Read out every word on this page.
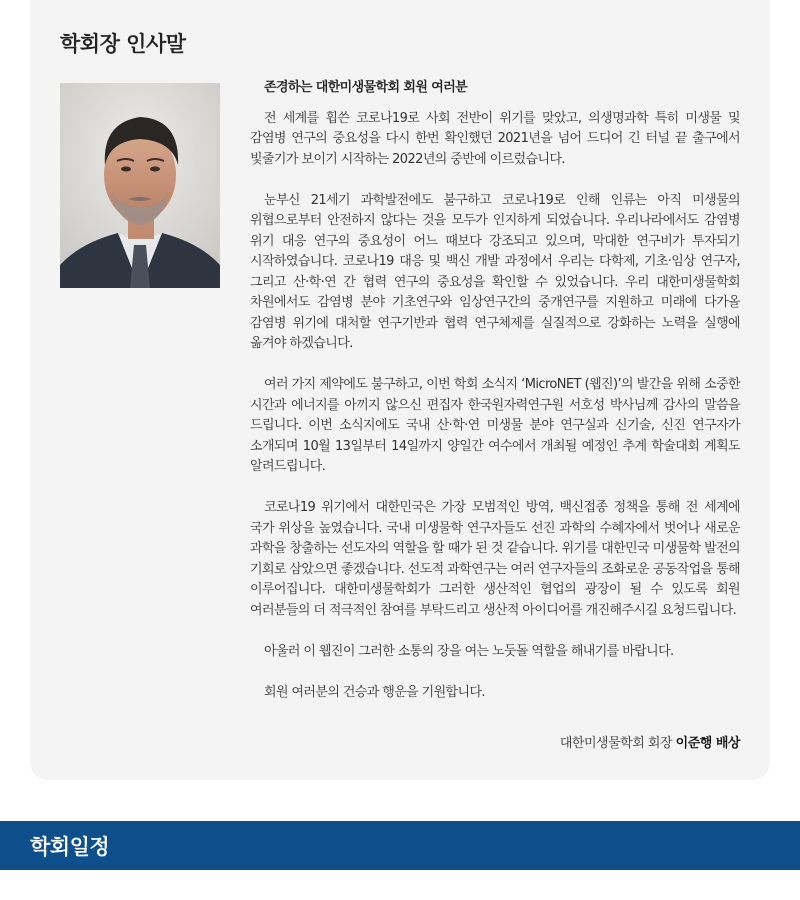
학회장 인사말

존경하는 대한미생물학회 회원 여러분

전 세계를 휩쓴 코로나19로 사회 전반이 위기를 맞았고, 의생명과학 특히 미생물 및 감염병 연구의 중요성을 다시 한번 확인했던 2021년을 넘어 드디어 긴 터널 끝 출구에서 빛줄기가 보이기 시작하는 2022년의 중반에 이르렀습니다.

눈부신 21세기 과학발전에도 불구하고 코로나19로 인해 인류는 아직 미생물의 위협으로부터 안전하지 않다는 것을 모두가 인지하게 되었습니다. 우리나라에서도 감염병 위기 대응 연구의 중요성이 어느 때보다 강조되고 있으며, 막대한 연구비가 투자되기 시작하였습니다. 코로나19 대응 및 백신 개발 과정에서 우리는 다학제, 기초·임상 연구자, 그리고 산·학·연 간 협력 연구의 중요성을 확인할 수 있었습니다. 우리 대한미생물학회 차원에서도 감염병 분야 기초연구와 임상연구간의 중개연구를 지원하고 미래에 다가올 감염병 위기에 대처할 연구기반과 협력 연구체제를 실질적으로 강화하는 노력을 실행에 옮겨야 하겠습니다.

여러 가지 제약에도 불구하고, 이번 학회 소식지 ‘MicroNET (웹진)’의 발간을 위해 소중한 시간과 에너지를 아끼지 않으신 편집자 한국원자력연구원 서호성 박사님께 감사의 말씀을 드립니다. 이번 소식지에도 국내 산·학·연 미생물 분야 연구실과 신기술, 신진 연구자가 소개되며 10월 13일부터 14일까지 양일간 여수에서 개최될 예정인 추계 학술대회 계획도 알려드립니다.

코로나19 위기에서 대한민국은 가장 모범적인 방역, 백신접종 정책을 통해 전 세계에 국가 위상을 높였습니다. 국내 미생물학 연구자들도 선진 과학의 수혜자에서 벗어나 새로운 과학을 창출하는 선도자의 역할을 할 때가 된 것 같습니다. 위기를 대한민국 미생물학 발전의 기회로 삼았으면 좋겠습니다. 선도적 과학연구는 여러 연구자들의 조화로운 공동작업을 통해 이루어집니다. 대한미생물학회가 그러한 생산적인 협업의 광장이 될 수 있도록 회원 여러분들의 더 적극적인 참여를 부탁드리고 생산적 아이디어를 개진해주시길 요청드립니다.

아울러 이 웹진이 그러한 소통의 장을 여는 노둣돌 역할을 해내기를 바랍니다.

회원 여러분의 건승과 행운을 기원합니다.

대한미생물학회 회장 이준행 배상
학회일정
